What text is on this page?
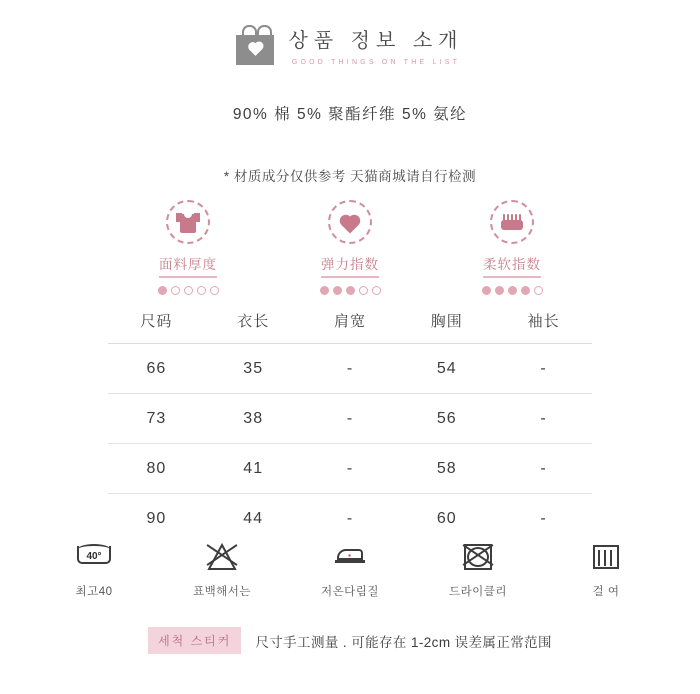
상품 정보 소개
GOOD THINGS ON THE LIST
90% 棉 5% 聚酯纤维 5% 氨纶
* 材质成分仅供参考 天猫商城请自行检测
面料厚度	弹力指数	柔软指数
尺码	衣长	肩宽	胸围	袖长
66	35	-	54	-
73	38	-	56	-
80	41	-	58	-
90	44	-	60	-
40°
최고40	표백해서는	저온다림질	드라이클리	걸 여
세척 스티커	尺寸手工测量 . 可能存在 1-2cm 误差属正常范围
